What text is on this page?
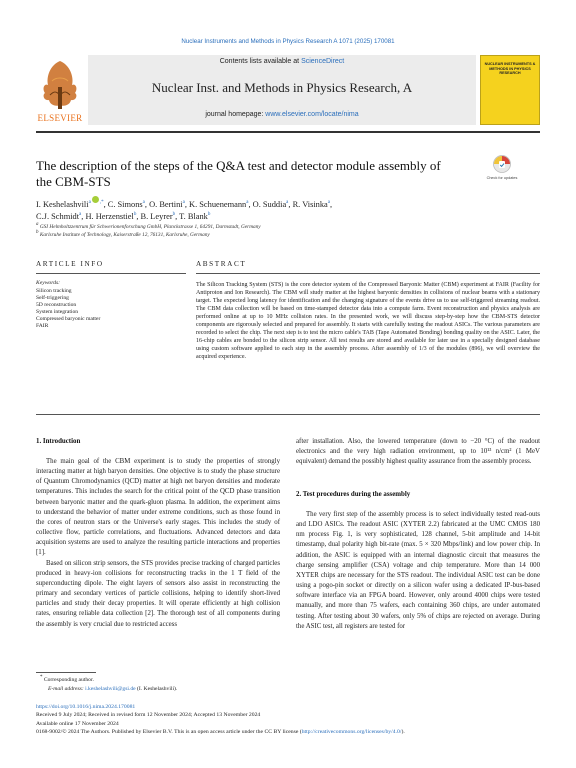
Nuclear Instruments and Methods in Physics Research A 1071 (2025) 170081
ELSEVIER
Contents lists available at ScienceDirect
Nuclear Inst. and Methods in Physics Research, A
journal homepage: www.elsevier.com/locate/nima
NUCLEAR INSTRUMENTS & METHODS IN PHYSICS RESEARCH
The description of the steps of the Q&A test and detector module assembly of the CBM-STS	Check for updates
I. Keshelashvili$^a$ ,*, C. Simons$^a$, O. Bertini$^a$, K. Schuenemann$^a$, O. Suddia$^a$, R. Visinka$^a$,
C.J. Schmidt$^a$, H. Herzenstiel$^b$, B. Leyrer$^b$, T. Blank$^b$
$^a$ GSI Helmholtzzentrum für Schwerionenforschung GmbH, Planckstrasse 1, 64291, Darmstadt, Germany
$^b$ Karlsruhe Institute of Technology, Kaiserstraße 12, 76131, Karlsruhe, Germany
ARTICLE INFO	ABSTRACT
Keywords:
Silicon tracking
Self-triggering
5D reconstruction
System integration
Compressed baryonic matter
FAIR
The Silicon Tracking System (STS) is the core detector system of the Compressed Baryonic Matter (CBM) experiment at FAIR (Facility for Antiproton and Ion Research). The CBM will study matter at the highest baryonic densities in collisions of nuclear beams with a stationary target. The expected long latency for identification and the changing signature of the events drive us to use self-triggered streaming readout. The CBM data collection will be based on time-stamped detector data into a compute farm. Event reconstruction and physics analysis are performed online at up to 10 MHz collision rates. In the presented work, we will discuss step-by-step how the CBM-STS detector components are rigorously selected and prepared for assembly. It starts with carefully testing the readout ASICs. The various parameters are recorded to select the chip. The next step is to test the micro cable's TAB (Tape Automated Bonding) bonding quality on the ASIC. Later, the 16-chip cables are bonded to the silicon strip sensor. All test results are stored and available for later use in a specially designed database using custom software applied to each step in the assembly process. After assembly of 1/3 of the modules (896), we will overview the acquired experience.
1. Introduction

The main goal of the CBM experiment is to study the properties of strongly interacting matter at high baryon densities. One objective is to study the phase structure of Quantum Chromodynamics (QCD) matter at high net baryon densities and moderate temperatures. This includes the search for the critical point of the QCD phase transition between baryonic matter and the quark-gluon plasma. In addition, the experiment aims to understand the behavior of matter under extreme conditions, such as those found in the cores of neutron stars or the Universe's early stages. This includes the study of collective flow, particle correlations, and fluctuations. Advanced detectors and data acquisition systems are used to analyze the resulting particle interactions and properties [1].

Based on silicon strip sensors, the STS provides precise tracking of charged particles produced in heavy-ion collisions for reconstructing tracks in the 1 T field of the superconducting dipole. The eight layers of sensors also assist in reconstructing the primary and secondary vertices of particle collisions, helping to identify short-lived particles and study their decay properties. It will operate efficiently at high collision rates, ensuring reliable data collection [2]. The thorough test of all components during the assembly is very crucial due to restricted access

after installation. Also, the lowered temperature (down to −20 °C) of the readout electronics and the very high radiation environment, up to 10¹³ n/cm² (1 MeV equivalent) demand the possibly highest quality assurance from the assembly process.

2. Test procedures during the assembly

The very first step of the assembly process is to select individually tested read-outs and LDO ASICs. The readout ASIC (XYTER 2.2) fabricated at the UMC CMOS 180 nm process Fig. 1, is very sophisticated, 128 channel, 5-bit amplitude and 14-bit timestamp, dual polarity high bit-rate (max. 5 × 320 Mbps/link) and low power chip. In addition, the ASIC is equipped with an internal diagnostic circuit that measures the charge sensing amplifier (CSA) voltage and chip temperature. More than 14 000 XYTER chips are necessary for the STS readout. The individual ASIC test can be done using a pogo-pin socket or directly on a silicon wafer using a dedicated IP-bus-based software interface via an FPGA board. However, only around 4000 chips were tested manually, and more than 75 wafers, each containing 360 chips, are under automated testing. After testing about 30 wafers, only 5% of chips are rejected on average. During the ASIC test, all registers are tested for

* Corresponding author.
E-mail address: i.keshelashvili@gsi.de (I. Keshelashvili).
https://doi.org/10.1016/j.nima.2024.170081
Received 9 July 2024; Received in revised form 12 November 2024; Accepted 13 November 2024
Available online 17 November 2024
0168-9002/© 2024 The Authors. Published by Elsevier B.V. This is an open access article under the CC BY license (http://creativecommons.org/licenses/by/4.0/).
